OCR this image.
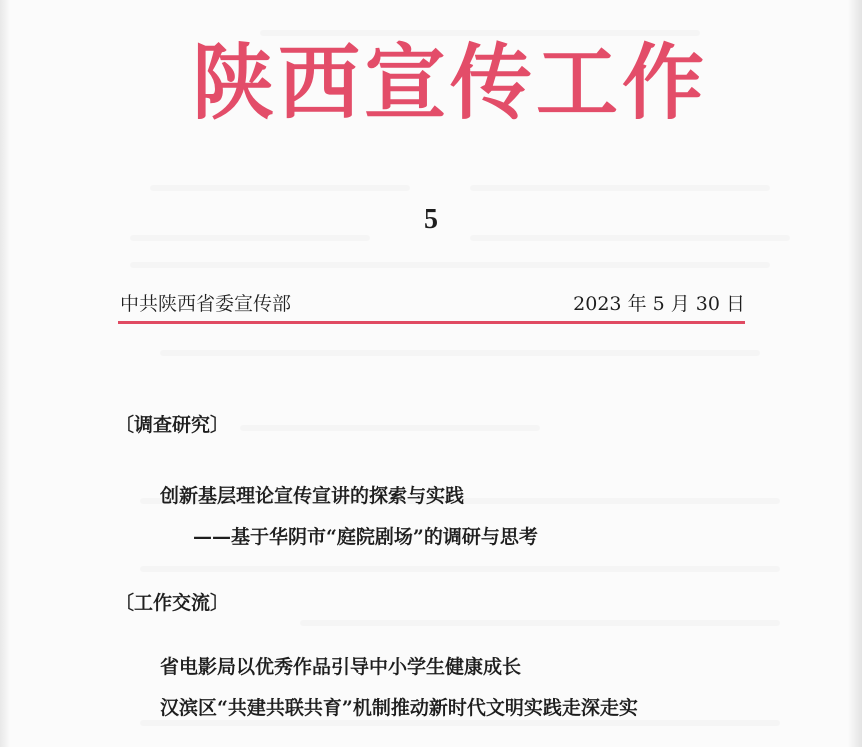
陕西宣传工作
5
中共陕西省委宣传部	2023 年 5 月 30 日
〔调查研究〕
创新基层理论宣传宣讲的探索与实践
——基于华阴市“庭院剧场”的调研与思考
〔工作交流〕
省电影局以优秀作品引导中小学生健康成长
汉滨区“共建共联共育”机制推动新时代文明实践走深走实
